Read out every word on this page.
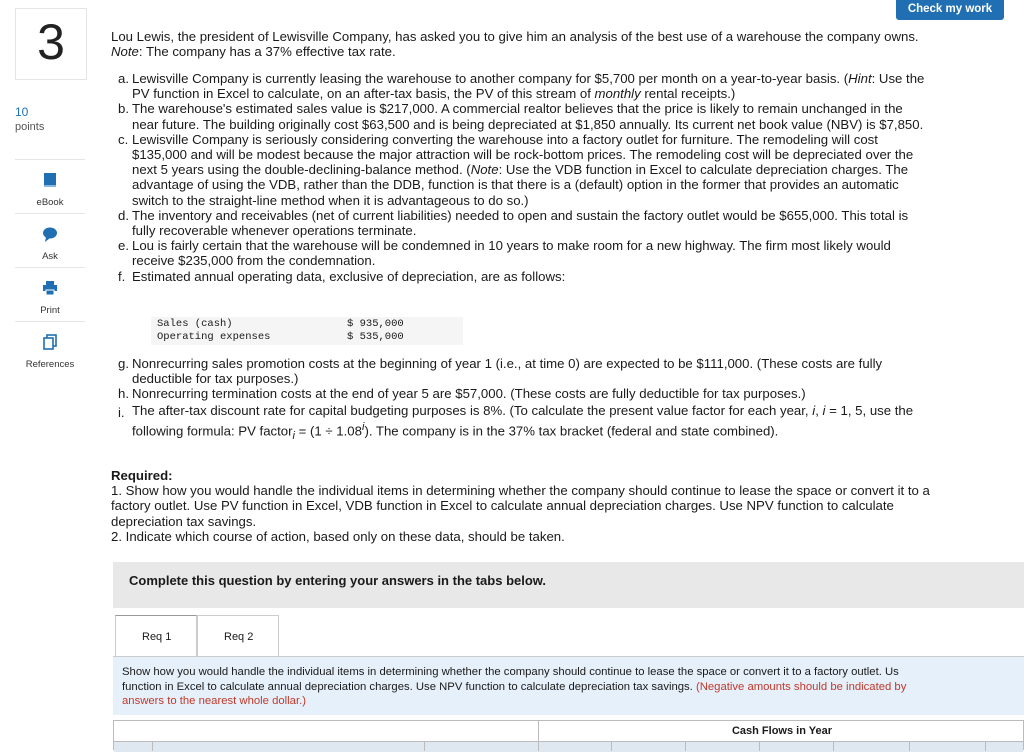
Check my work
3
10
points
eBook
Ask
Print
References
Lou Lewis, the president of Lewisville Company, has asked you to give him an analysis of the best use of a warehouse the company owns. Note: The company has a 37% effective tax rate.
a. Lewisville Company is currently leasing the warehouse to another company for $5,700 per month on a year-to-year basis. (Hint: Use the PV function in Excel to calculate, on an after-tax basis, the PV of this stream of monthly rental receipts.)
b. The warehouse's estimated sales value is $217,000. A commercial realtor believes that the price is likely to remain unchanged in the near future. The building originally cost $63,500 and is being depreciated at $1,850 annually. Its current net book value (NBV) is $7,850.
c. Lewisville Company is seriously considering converting the warehouse into a factory outlet for furniture. The remodeling will cost $135,000 and will be modest because the major attraction will be rock-bottom prices. The remodeling cost will be depreciated over the next 5 years using the double-declining-balance method. (Note: Use the VDB function in Excel to calculate depreciation charges. The advantage of using the VDB, rather than the DDB, function is that there is a (default) option in the former that provides an automatic switch to the straight-line method when it is advantageous to do so.)
d. The inventory and receivables (net of current liabilities) needed to open and sustain the factory outlet would be $655,000. This total is fully recoverable whenever operations terminate.
e. Lou is fairly certain that the warehouse will be condemned in 10 years to make room for a new highway. The firm most likely would receive $235,000 from the condemnation.
f. Estimated annual operating data, exclusive of depreciation, are as follows:
Sales (cash)	$ 935,000
Operating expenses	$ 535,000
g. Nonrecurring sales promotion costs at the beginning of year 1 (i.e., at time 0) are expected to be $111,000. (These costs are fully deductible for tax purposes.)
h. Nonrecurring termination costs at the end of year 5 are $57,000. (These costs are fully deductible for tax purposes.)
i. The after-tax discount rate for capital budgeting purposes is 8%. (To calculate the present value factor for each year, i, i = 1, 5, use the following formula: PV factor$_i$ = $(1 \div 1.08^i)$. The company is in the 37% tax bracket (federal and state combined).
Required:
1. Show how you would handle the individual items in determining whether the company should continue to lease the space or convert it to a factory outlet. Use PV function in Excel, VDB function in Excel to calculate annual depreciation charges. Use NPV function to calculate depreciation tax savings.
2. Indicate which course of action, based only on these data, should be taken.
Complete this question by entering your answers in the tabs below.
Req 1	Req 2
Show how you would handle the individual items in determining whether the company should continue to lease the space or convert it to a factory outlet. Us
function in Excel to calculate annual depreciation charges. Use NPV function to calculate depreciation tax savings. (Negative amounts should be indicated by
answers to the nearest whole dollar.)
Cash Flows in Year
